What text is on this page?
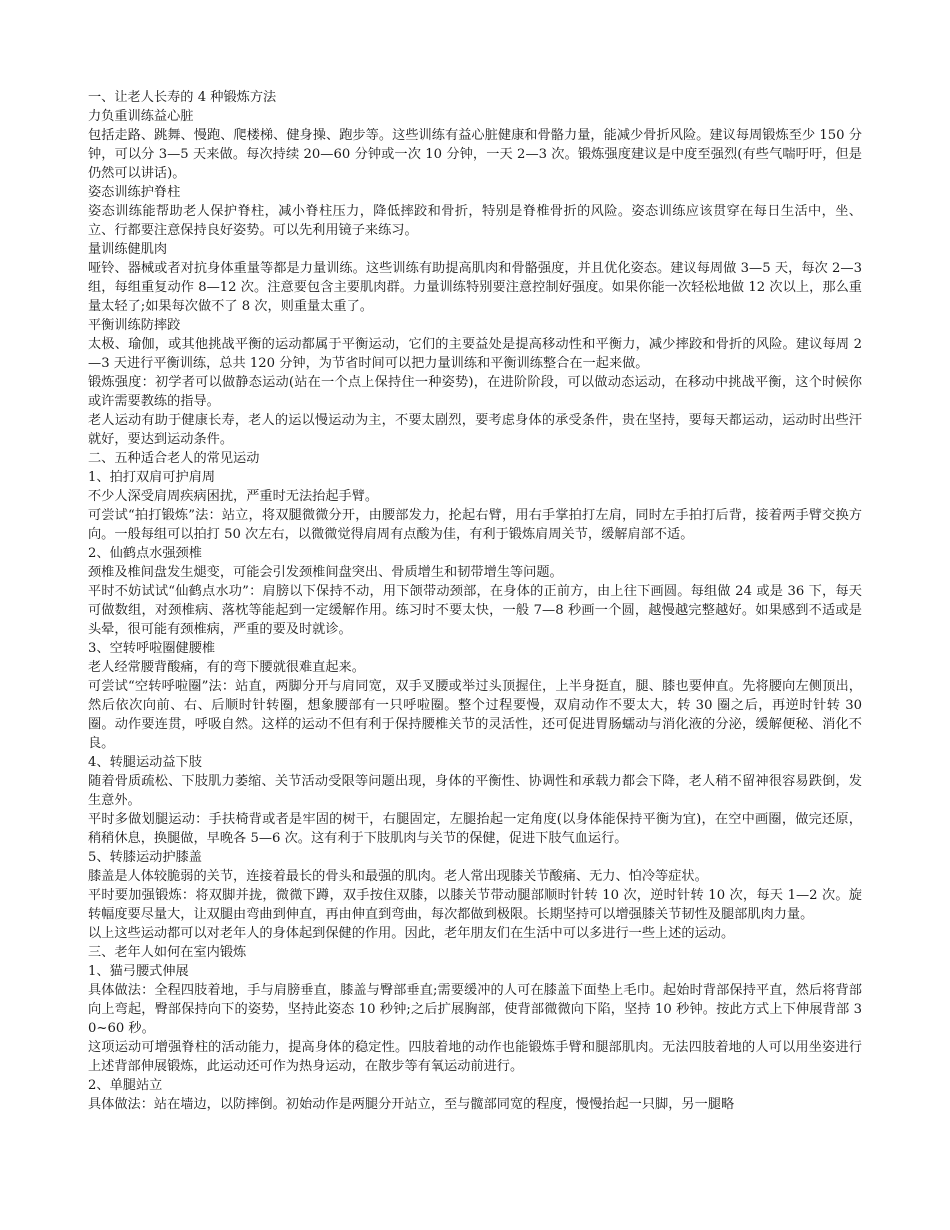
一、让老人长寿的 4 种锻炼方法

力负重训练益心脏

包括走路、跳舞、慢跑、爬楼梯、健身操、跑步等。这些训练有益心脏健康和骨骼力量，能减少骨折风险。建议每周锻炼至少 150 分钟，可以分 3—5 天来做。每次持续 20—60 分钟或一次 10 分钟，一天 2—3 次。锻炼强度建议是中度至强烈(有些气喘吁吁，但是仍然可以讲话)。

姿态训练护脊柱

姿态训练能帮助老人保护脊柱，减小脊柱压力，降低摔跤和骨折，特别是脊椎骨折的风险。姿态训练应该贯穿在每日生活中，坐、立、行都要注意保持良好姿势。可以先利用镜子来练习。

量训练健肌肉

哑铃、器械或者对抗身体重量等都是力量训练。这些训练有助提高肌肉和骨骼强度，并且优化姿态。建议每周做 3—5 天，每次 2—3 组，每组重复动作 8—12 次。注意要包含主要肌肉群。力量训练特别要注意控制好强度。如果你能一次轻松地做 12 次以上，那么重量太轻了;如果每次做不了 8 次，则重量太重了。

平衡训练防摔跤

太极、瑜伽，或其他挑战平衡的运动都属于平衡运动，它们的主要益处是提高移动性和平衡力，减少摔跤和骨折的风险。建议每周 2—3 天进行平衡训练，总共 120 分钟，为节省时间可以把力量训练和平衡训练整合在一起来做。

锻炼强度：初学者可以做静态运动(站在一个点上保持住一种姿势)，在进阶阶段，可以做动态运动，在移动中挑战平衡，这个时候你或许需要教练的指导。

老人运动有助于健康长寿，老人的运以慢运动为主，不要太剧烈，要考虑身体的承受条件，贵在坚持，要每天都运动，运动时出些汗就好，要达到运动条件。

二、五种适合老人的常见运动

1、拍打双肩可护肩周

不少人深受肩周疾病困扰，严重时无法抬起手臂。

可尝试“拍打锻炼”法：站立，将双腿微微分开，由腰部发力，抡起右臂，用右手掌拍打左肩，同时左手拍打后背，接着两手臂交换方向。一般每组可以拍打 50 次左右，以微微觉得肩周有点酸为佳，有利于锻炼肩周关节，缓解肩部不适。

2、仙鹤点水强颈椎

颈椎及椎间盘发生煺变，可能会引发颈椎间盘突出、骨质增生和韧带增生等问题。

平时不妨试试“仙鹤点水功”：肩膀以下保持不动，用下颌带动颈部，在身体的正前方，由上往下画圆。每组做 24 或是 36 下，每天可做数组，对颈椎病、落枕等能起到一定缓解作用。练习时不要太快，一般 7—8 秒画一个圆，越慢越完整越好。如果感到不适或是头晕，很可能有颈椎病，严重的要及时就诊。

3、空转呼啦圈健腰椎

老人经常腰背酸痛，有的弯下腰就很难直起来。

可尝试“空转呼啦圈”法：站直，两脚分开与肩同宽，双手叉腰或举过头顶握住，上半身挺直，腿、膝也要伸直。先将腰向左侧顶出，然后依次向前、右、后顺时针转圈，想象腰部有一只呼啦圈。整个过程要慢，双肩动作不要太大，转 30 圈之后，再逆时针转 30 圈。动作要连贯，呼吸自然。这样的运动不但有利于保持腰椎关节的灵活性，还可促进胃肠蠕动与消化液的分泌，缓解便秘、消化不良。

4、转腿运动益下肢

随着骨质疏松、下肢肌力萎缩、关节活动受限等问题出现，身体的平衡性、协调性和承载力都会下降，老人稍不留神很容易跌倒，发生意外。

平时多做划腿运动：手扶椅背或者是牢固的树干，右腿固定，左腿抬起一定角度(以身体能保持平衡为宜)，在空中画圈，做完还原，稍稍休息，换腿做，早晚各 5—6 次。这有利于下肢肌肉与关节的保健，促进下肢气血运行。

5、转膝运动护膝盖

膝盖是人体较脆弱的关节，连接着最长的骨头和最强的肌肉。老人常出现膝关节酸痛、无力、怕冷等症状。

平时要加强锻炼：将双脚并拢，微微下蹲，双手按住双膝，以膝关节带动腿部顺时针转 10 次，逆时针转 10 次，每天 1—2 次。旋转幅度要尽量大，让双腿由弯曲到伸直，再由伸直到弯曲，每次都做到极限。长期坚持可以增强膝关节韧性及腿部肌肉力量。

以上这些运动都可以对老年人的身体起到保健的作用。因此，老年朋友们在生活中可以多进行一些上述的运动。

三、老年人如何在室内锻炼

1、猫弓腰式伸展

具体做法：全程四肢着地，手与肩膀垂直，膝盖与臀部垂直;需要缓冲的人可在膝盖下面垫上毛巾。起始时背部保持平直，然后将背部向上弯起，臀部保持向下的姿势，坚持此姿态 10 秒钟;之后扩展胸部，使背部微微向下陷，坚持 10 秒钟。按此方式上下伸展背部 30~60 秒。

这项运动可增强脊柱的活动能力，提高身体的稳定性。四肢着地的动作也能锻炼手臂和腿部肌肉。无法四肢着地的人可以用坐姿进行上述背部伸展锻炼，此运动还可作为热身运动，在散步等有氧运动前进行。

2、单腿站立

具体做法：站在墙边，以防摔倒。初始动作是两腿分开站立，至与髋部同宽的程度，慢慢抬起一只脚，另一腿略
